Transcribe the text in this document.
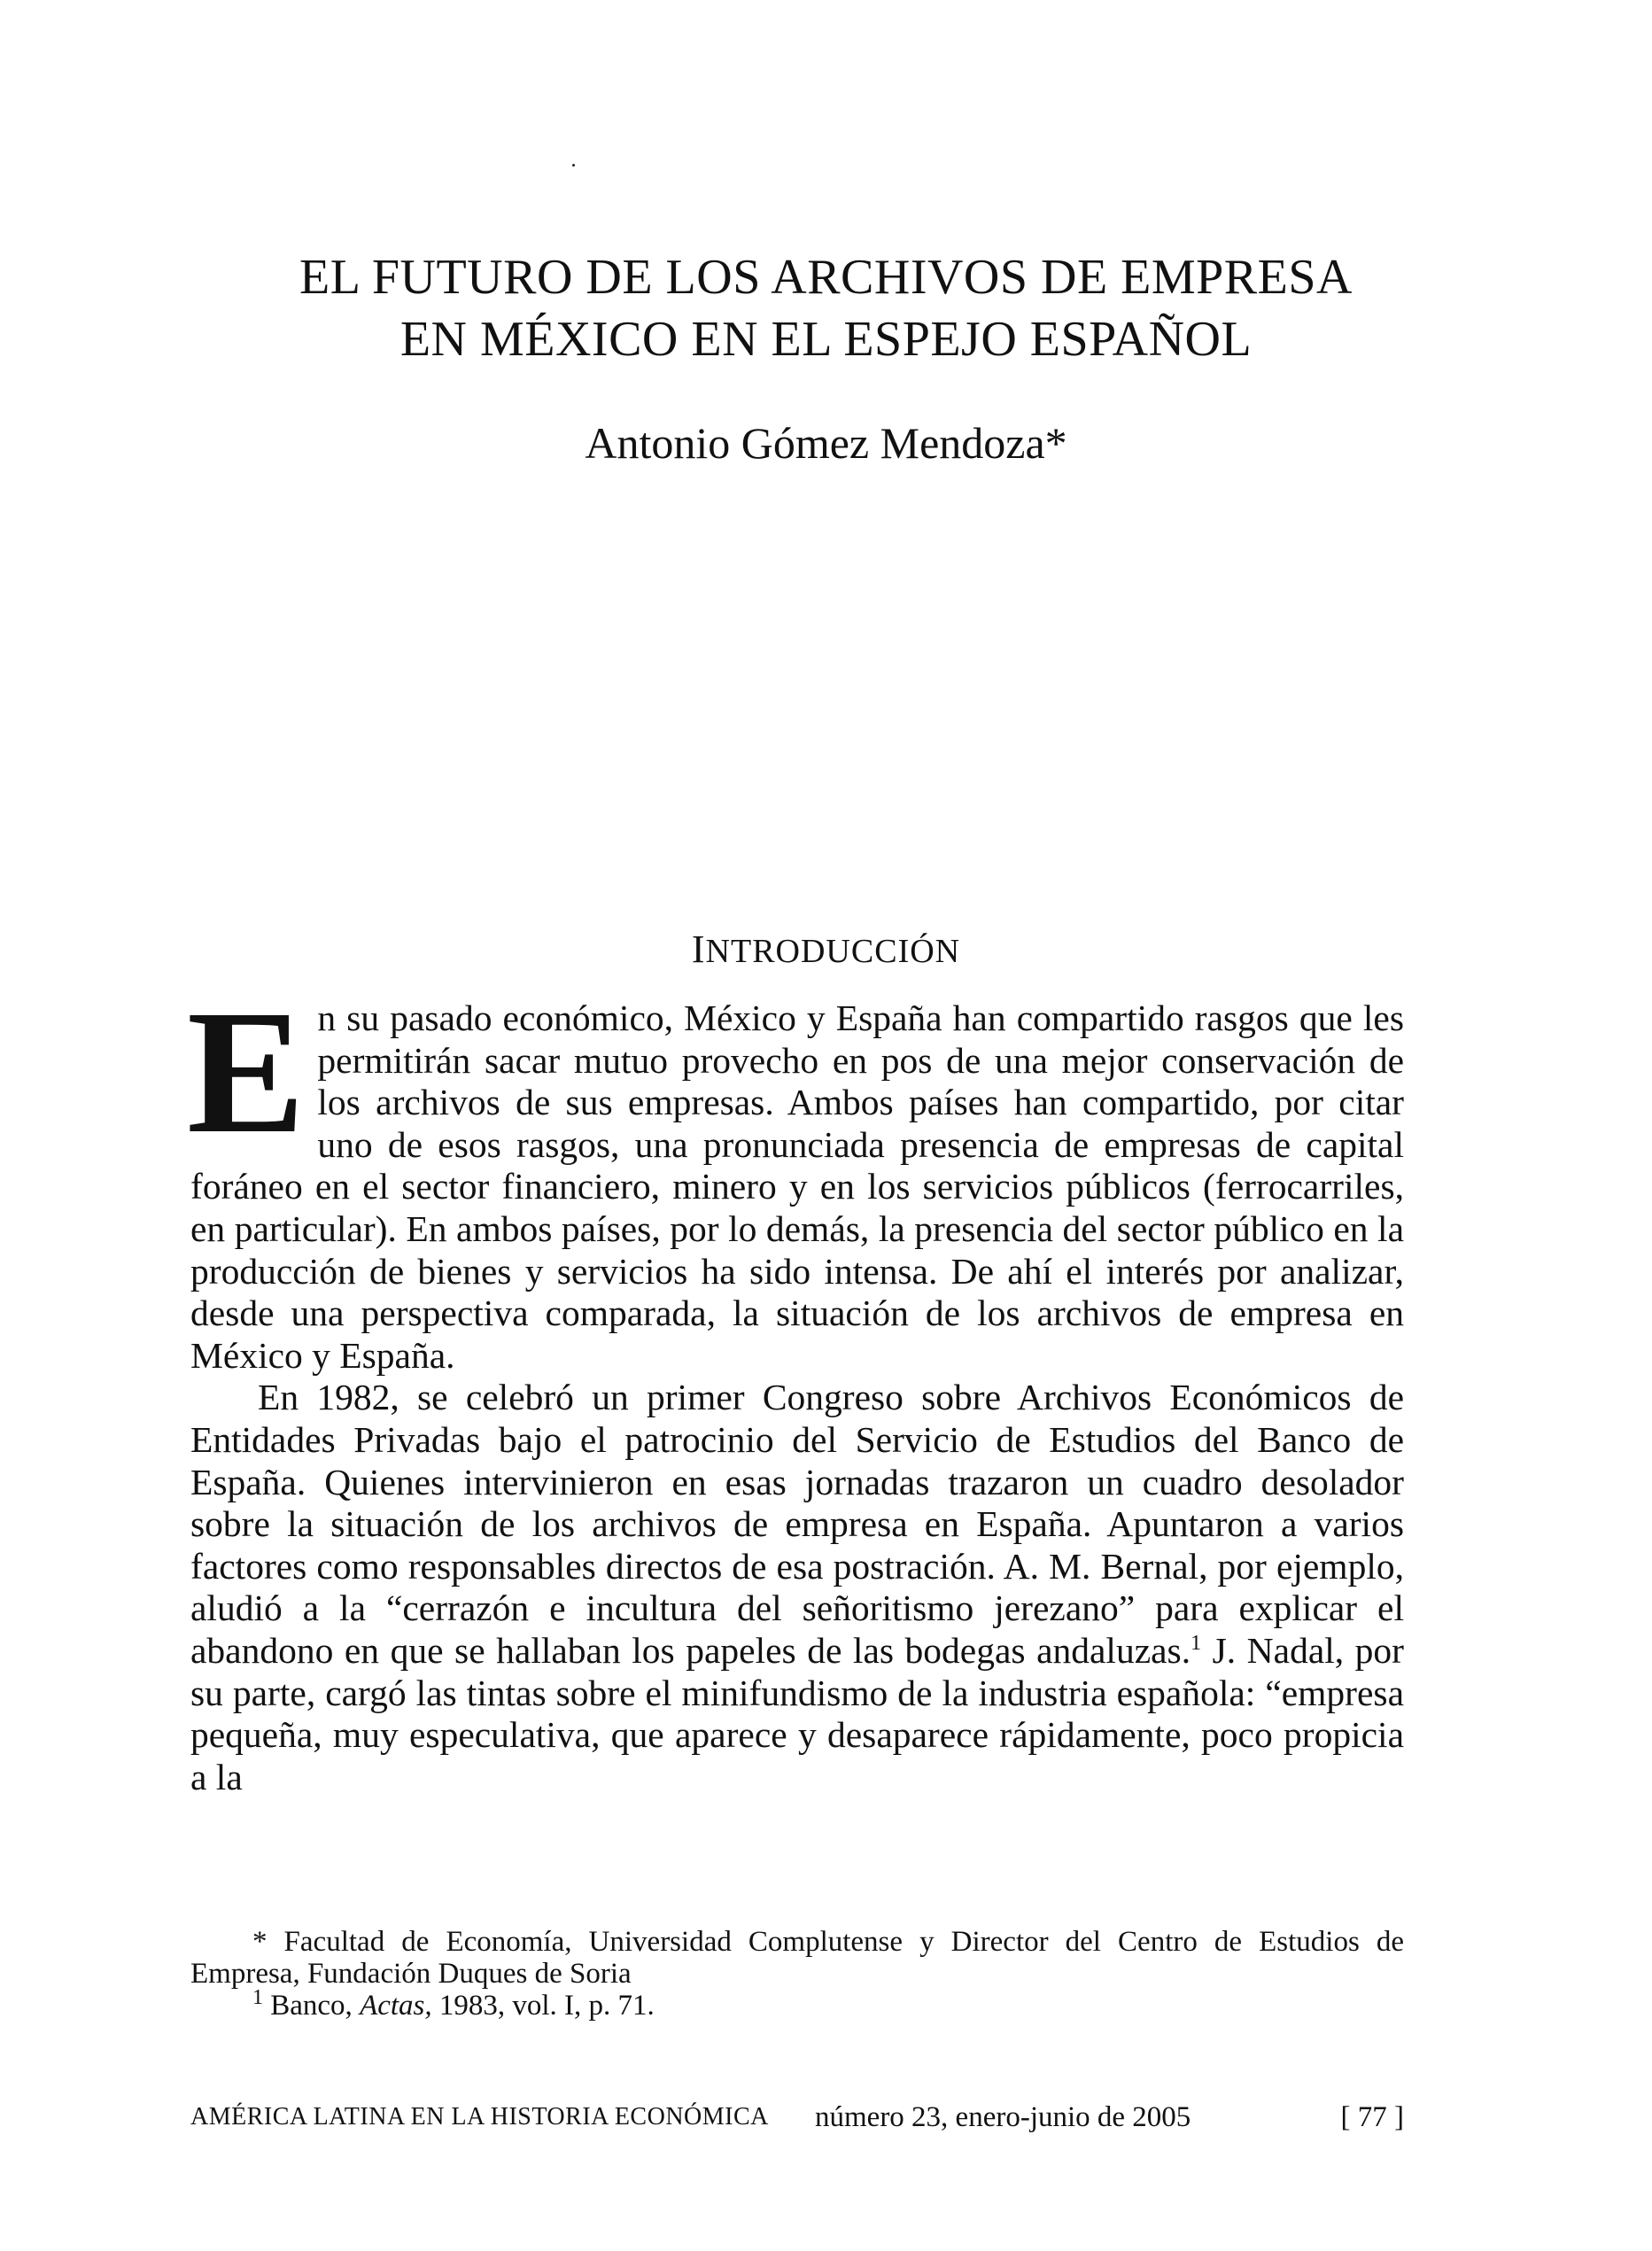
EL FUTURO DE LOS ARCHIVOS DE EMPRESA
EN MÉXICO EN EL ESPEJO ESPAÑOL
Antonio Gómez Mendoza*
INTRODUCCIÓN

En su pasado económico, México y España han compartido rasgos que les permitirán sacar mutuo provecho en pos de una mejor conservación de los archivos de sus empresas. Ambos países han compartido, por citar uno de esos rasgos, una pronunciada presencia de empresas de capital foráneo en el sector financiero, minero y en los servicios públicos (ferrocarriles, en particular). En ambos países, por lo demás, la presencia del sector público en la producción de bienes y servicios ha sido intensa. De ahí el interés por analizar, desde una perspectiva comparada, la situación de los archivos de empresa en México y España.

En 1982, se celebró un primer Congreso sobre Archivos Económicos de Entidades Privadas bajo el patrocinio del Servicio de Estudios del Banco de España. Quienes intervinieron en esas jornadas trazaron un cuadro desolador sobre la situación de los archivos de empresa en España. Apuntaron a varios factores como responsables directos de esa postración. A. M. Bernal, por ejemplo, aludió a la “cerrazón e incultura del señoritismo jerezano” para explicar el abandono en que se hallaban los papeles de las bodegas andaluzas.$^1$ J. Nadal, por su parte, cargó las tintas sobre el minifundismo de la industria española: “empresa pequeña, muy especulativa, que aparece y desaparece rápidamente, poco propicia a la

* Facultad de Economía, Universidad Complutense y Director del Centro de Estudios de Empresa, Fundación Duques de Soria

$^1$ Banco, Actas, 1983, vol. I, p. 71.

AMÉRICA LATINA EN LA HISTORIA ECONÓMICA número 23, enero-junio de 2005	[ 77 ]
